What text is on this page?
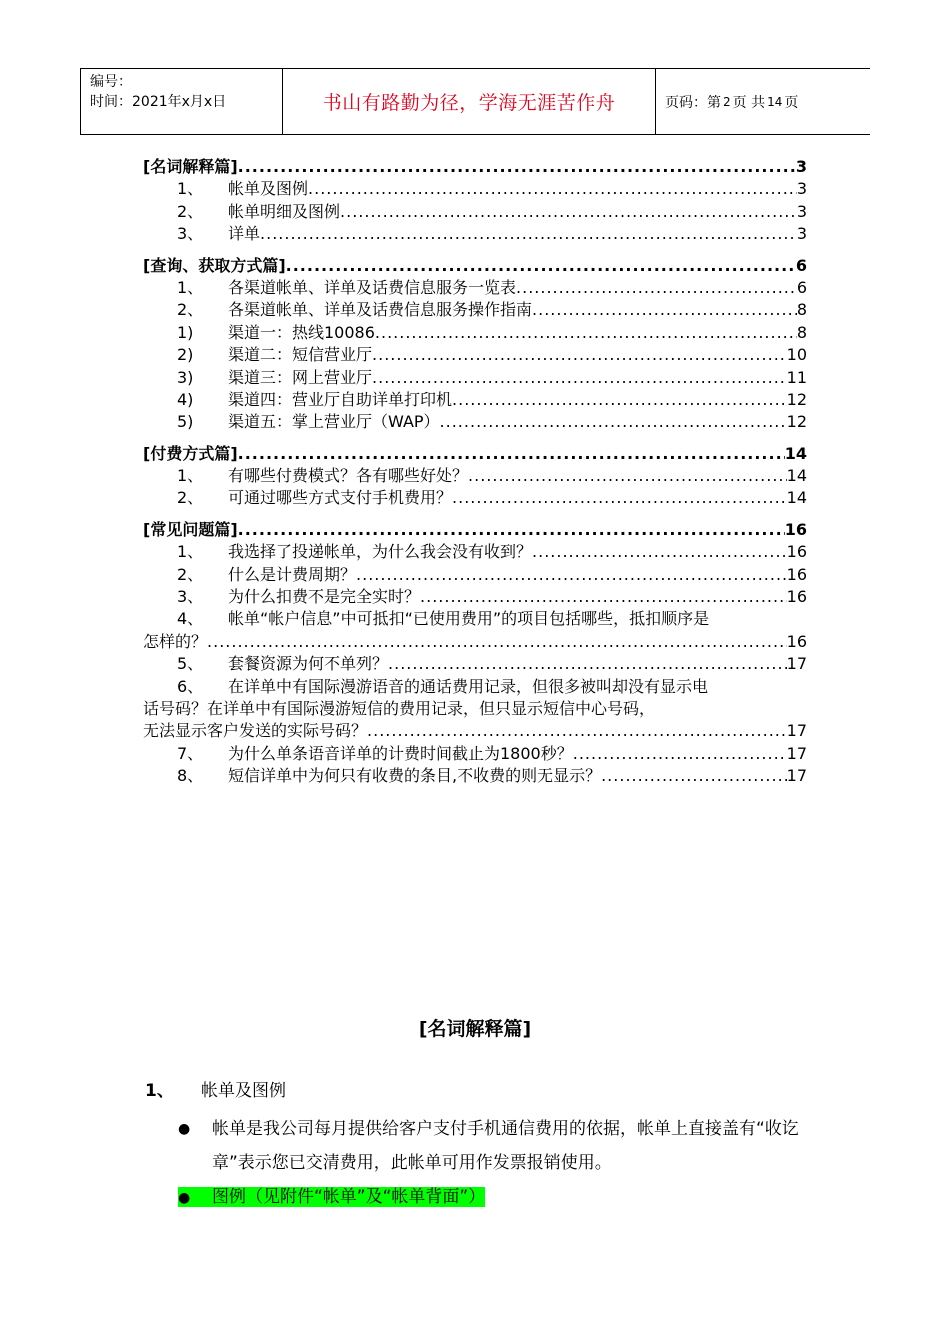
编号：
时间：2021年x月x日	书山有路勤为径，学海无涯苦作舟	页码：第 2 页 共 14 页
[名词解释篇] .....	3
1、	帐单及图例 .....	3
2、	帐单明细及图例 .....	3
3、	详单 .....	3
[查询、获取方式篇] .....	6
1、	各渠道帐单、详单及话费信息服务一览表 .....	6
2、	各渠道帐单、详单及话费信息服务操作指南 .....	8
1)	渠道一：热线10086 .....	8
2)	渠道二：短信营业厅 .....	10
3)	渠道三：网上营业厅 .....	11
4)	渠道四：营业厅自助详单打印机 .....	12
5)	渠道五：掌上营业厅（WAP） .....	12
[付费方式篇] .....	14
1、	有哪些付费模式？各有哪些好处？ .....	14
2、	可通过哪些方式支付手机费用？ .....	14
[常见问题篇] .....	16
1、	我选择了投递帐单，为什么我会没有收到？ .....	16
2、	什么是计费周期？ .....	16
3、	为什么扣费不是完全实时？ .....	16
4、	帐单“帐户信息”中可抵扣“已使用费用”的项目包括哪些，抵扣顺序是
怎样的？ .....	16
5、	套餐资源为何不单列？ .....	17
6、	在详单中有国际漫游语音的通话费用记录，但很多被叫却没有显示电
话号码？在详单中有国际漫游短信的费用记录，但只显示短信中心号码，
无法显示客户发送的实际号码？ .....	17
7、	为什么单条语音详单的计费时间截止为1800秒？ .....	17
8、	短信详单中为何只有收费的条目,不收费的则无显示？ .....	17
[名词解释篇]
1、	帐单及图例
●	帐单是我公司每月提供给客户支付手机通信费用的依据，帐单上直接盖有“收讫章”表示您已交清费用，此帐单可用作发票报销使用。
● 图例（见附件“帐单”及“帐单背面”）
